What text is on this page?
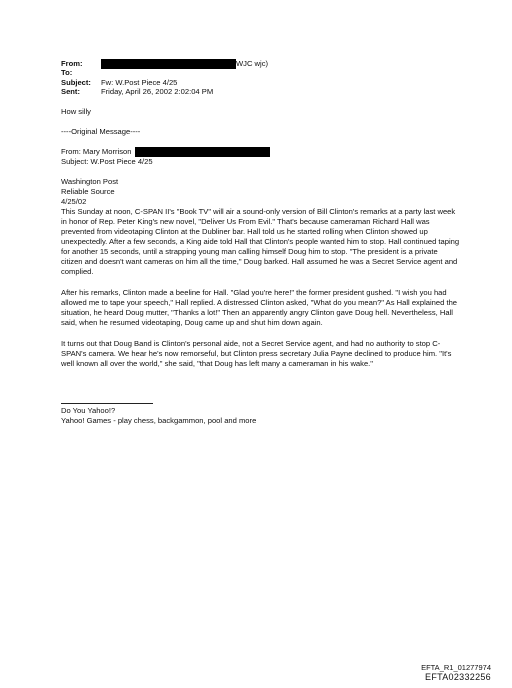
From:	WJC wjc)
To:
Subject:	Fw: W.Post Piece 4/25
Sent:	Friday, April 26, 2002 2:02:04 PM

How silly

----Original Message----

From: Mary Morrison

Subject: W.Post Piece 4/25

Washington Post

Reliable Source

4/25/02

This Sunday at noon, C-SPAN II's "Book TV" will air a sound-only version of Bill Clinton's remarks at a party last week in honor of Rep. Peter King's new novel, "Deliver Us From Evil." That's because cameraman Richard Hall was prevented from videotaping Clinton at the Dubliner bar. Hall told us he started rolling when Clinton showed up unexpectedly. After a few seconds, a King aide told Hall that Clinton's people wanted him to stop. Hall continued taping for another 15 seconds, until a strapping young man calling himself Doug him to stop. "The president is a private citizen and doesn't want cameras on him all the time," Doug barked. Hall assumed he was a Secret Service agent and complied.

After his remarks, Clinton made a beeline for Hall. "Glad you're here!" the former president gushed. "I wish you had allowed me to tape your speech," Hall replied. A distressed Clinton asked, "What do you mean?" As Hall explained the situation, he heard Doug mutter, "Thanks a lot!" Then an apparently angry Clinton gave Doug hell. Nevertheless, Hall said, when he resumed videotaping, Doug came up and shut him down again.

It turns out that Doug Band is Clinton's personal aide, not a Secret Service agent, and had no authority to stop C-SPAN's camera. We hear he's now remorseful, but Clinton press secretary Julia Payne declined to produce him. "It's well known all over the world," she said, "that Doug has left many a cameraman in his wake."

Do You Yahoo!?

Yahoo! Games - play chess, backgammon, pool and more

EFTA_R1_01277974
EFTA02332256
